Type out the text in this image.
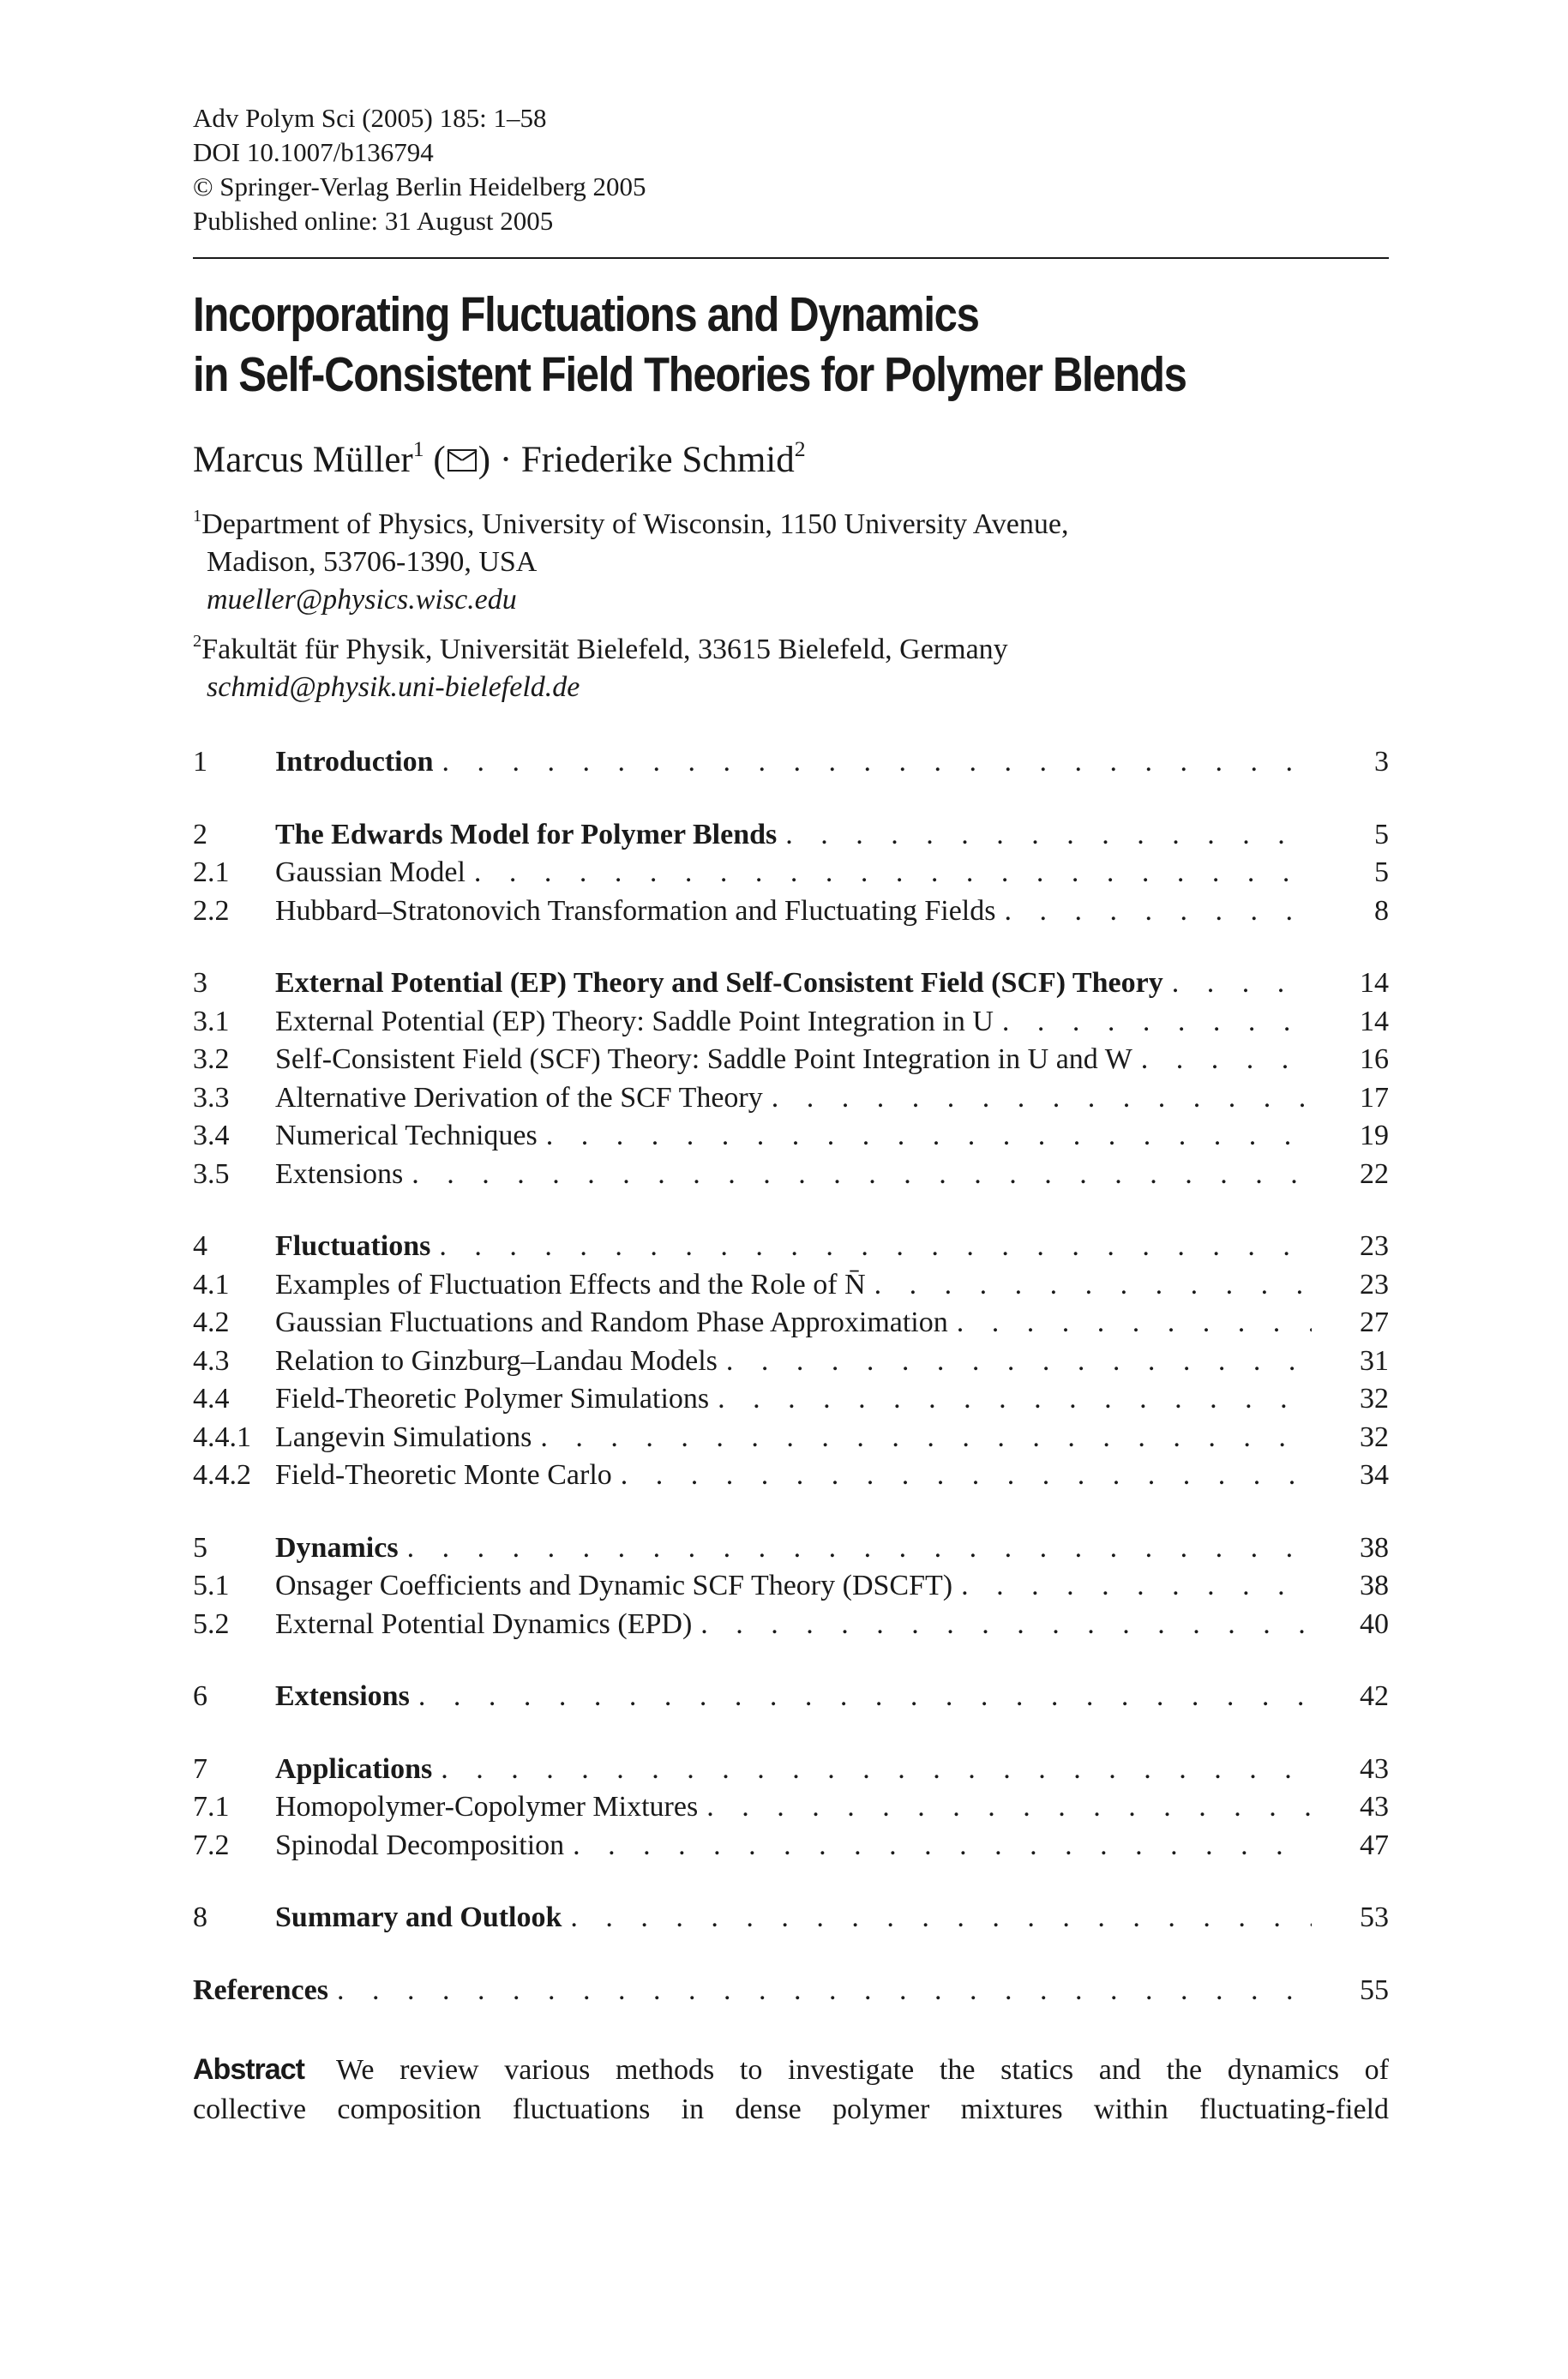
Adv Polym Sci (2005) 185: 1–58
DOI 10.1007/b136794
© Springer-Verlag Berlin Heidelberg 2005
Published online: 31 August 2005
Incorporating Fluctuations and Dynamics
in Self-Consistent Field Theories for Polymer Blends
Marcus Müller$^1$ ( ) · Friederike Schmid$^2$
$^1$Department of Physics, University of Wisconsin, 1150 University Avenue,
Madison, 53706-1390, USA
mueller@physics.wisc.edu
$^2$Fakultät für Physik, Universität Bielefeld, 33615 Bielefeld, Germany
schmid@physik.uni-bielefeld.de
1	Introduction . . .	3
2	The Edwards Model for Polymer Blends . . .	5
2.1	Gaussian Model . . .	5
2.2	Hubbard–Stratonovich Transformation and Fluctuating Fields . . .	8
3	External Potential (EP) Theory and Self-Consistent Field (SCF) Theory . . .	14
3.1	External Potential (EP) Theory: Saddle Point Integration in U . . .	14
3.2	Self-Consistent Field (SCF) Theory: Saddle Point Integration in U and W . . .	16
3.3	Alternative Derivation of the SCF Theory . . .	17
3.4	Numerical Techniques . . .	19
3.5	Extensions . . .	22
4	Fluctuations . . .	23
4.1	Examples of Fluctuation Effects and the Role of N̄ . . .	23
4.2	Gaussian Fluctuations and Random Phase Approximation . . .	27
4.3	Relation to Ginzburg–Landau Models . . .	31
4.4	Field-Theoretic Polymer Simulations . . .	32
4.4.1 Langevin Simulations . . .	32
4.4.2 Field-Theoretic Monte Carlo . . .	34
5	Dynamics . . .	38
5.1	Onsager Coefficients and Dynamic SCF Theory (DSCFT) . . .	38
5.2	External Potential Dynamics (EPD) . . .	40
6	Extensions . . .	42
7	Applications . . .	43
7.1	Homopolymer-Copolymer Mixtures . . .	43
7.2	Spinodal Decomposition . . .	47
8	Summary and Outlook . . .	53
References . . .	55
Abstract We review various methods to investigate the statics and the dynamics of
collective composition fluctuations in dense polymer mixtures within fluctuating-field
